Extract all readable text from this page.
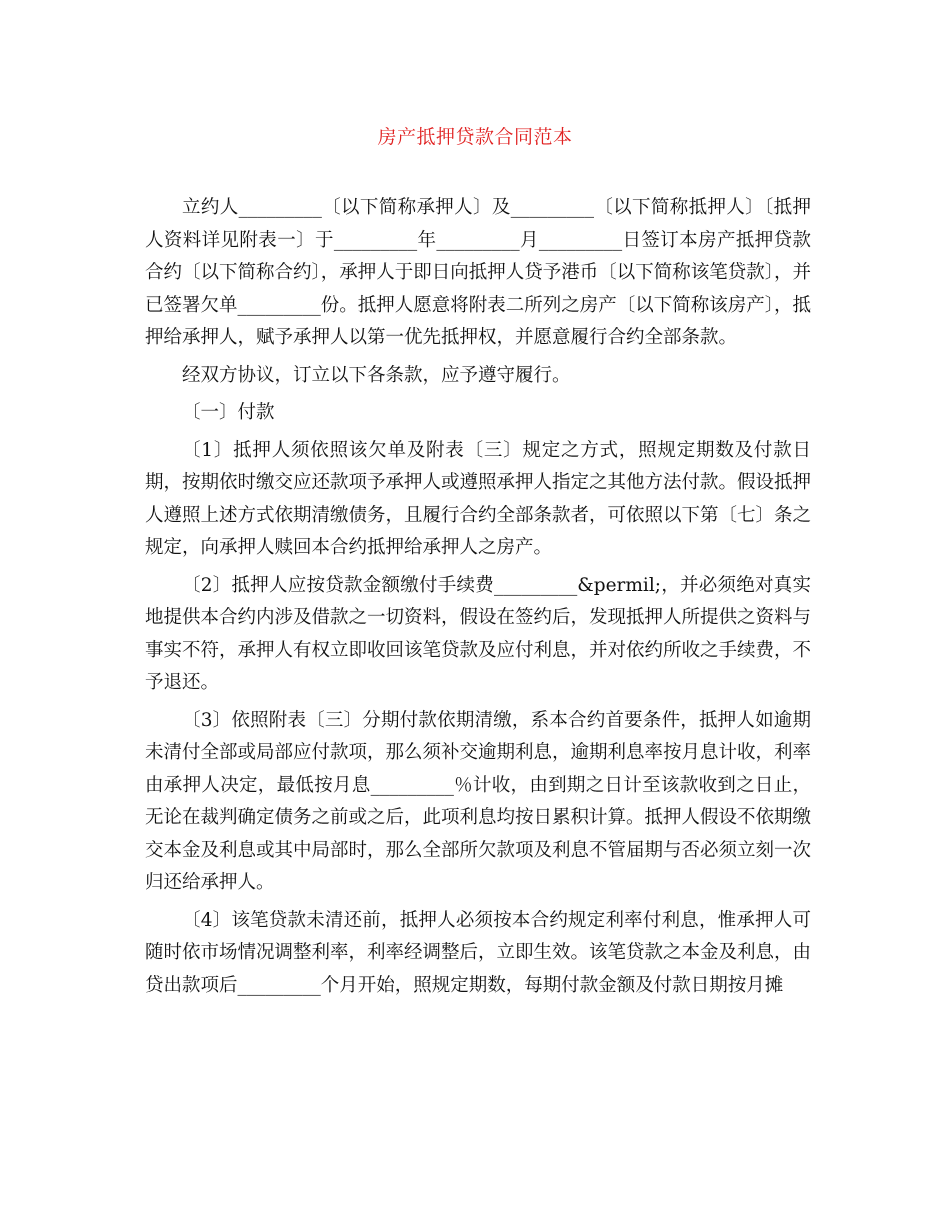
房产抵押贷款合同范本

立约人_________〔以下简称承押人〕及_________〔以下简称抵押人〕〔抵押人资料详见附表一〕于_________年_________月_________日签订本房产抵押贷款合约〔以下简称合约〕，承押人于即日向抵押人贷予港币〔以下简称该笔贷款〕，并已签署欠单_________份。抵押人愿意将附表二所列之房产〔以下简称该房产〕，抵押给承押人，赋予承押人以第一优先抵押权，并愿意履行合约全部条款。

经双方协议，订立以下各条款，应予遵守履行。

〔一〕付款

〔1〕抵押人须依照该欠单及附表〔三〕规定之方式，照规定期数及付款日期，按期依时缴交应还款项予承押人或遵照承押人指定之其他方法付款。假设抵押人遵照上述方式依期清缴债务，且履行合约全部条款者，可依照以下第〔七〕条之规定，向承押人赎回本合约抵押给承押人之房产。

〔2〕抵押人应按贷款金额缴付手续费_________&permil;，并必须绝对真实地提供本合约内涉及借款之一切资料，假设在签约后，发现抵押人所提供之资料与事实不符，承押人有权立即收回该笔贷款及应付利息，并对依约所收之手续费，不予退还。

〔3〕依照附表〔三〕分期付款依期清缴，系本合约首要条件，抵押人如逾期未清付全部或局部应付款项，那么须补交逾期利息，逾期利息率按月息计收，利率由承押人决定，最低按月息_________％计收，由到期之日计至该款收到之日止，无论在裁判确定债务之前或之后，此项利息均按日累积计算。抵押人假设不依期缴交本金及利息或其中局部时，那么全部所欠款项及利息不管届期与否必须立刻一次归还给承押人。

〔4〕该笔贷款未清还前，抵押人必须按本合约规定利率付利息，惟承押人可随时依市场情况调整利率，利率经调整后，立即生效。该笔贷款之本金及利息，由贷出款项后_________个月开始，照规定期数，每期付款金额及付款日期按月摊
